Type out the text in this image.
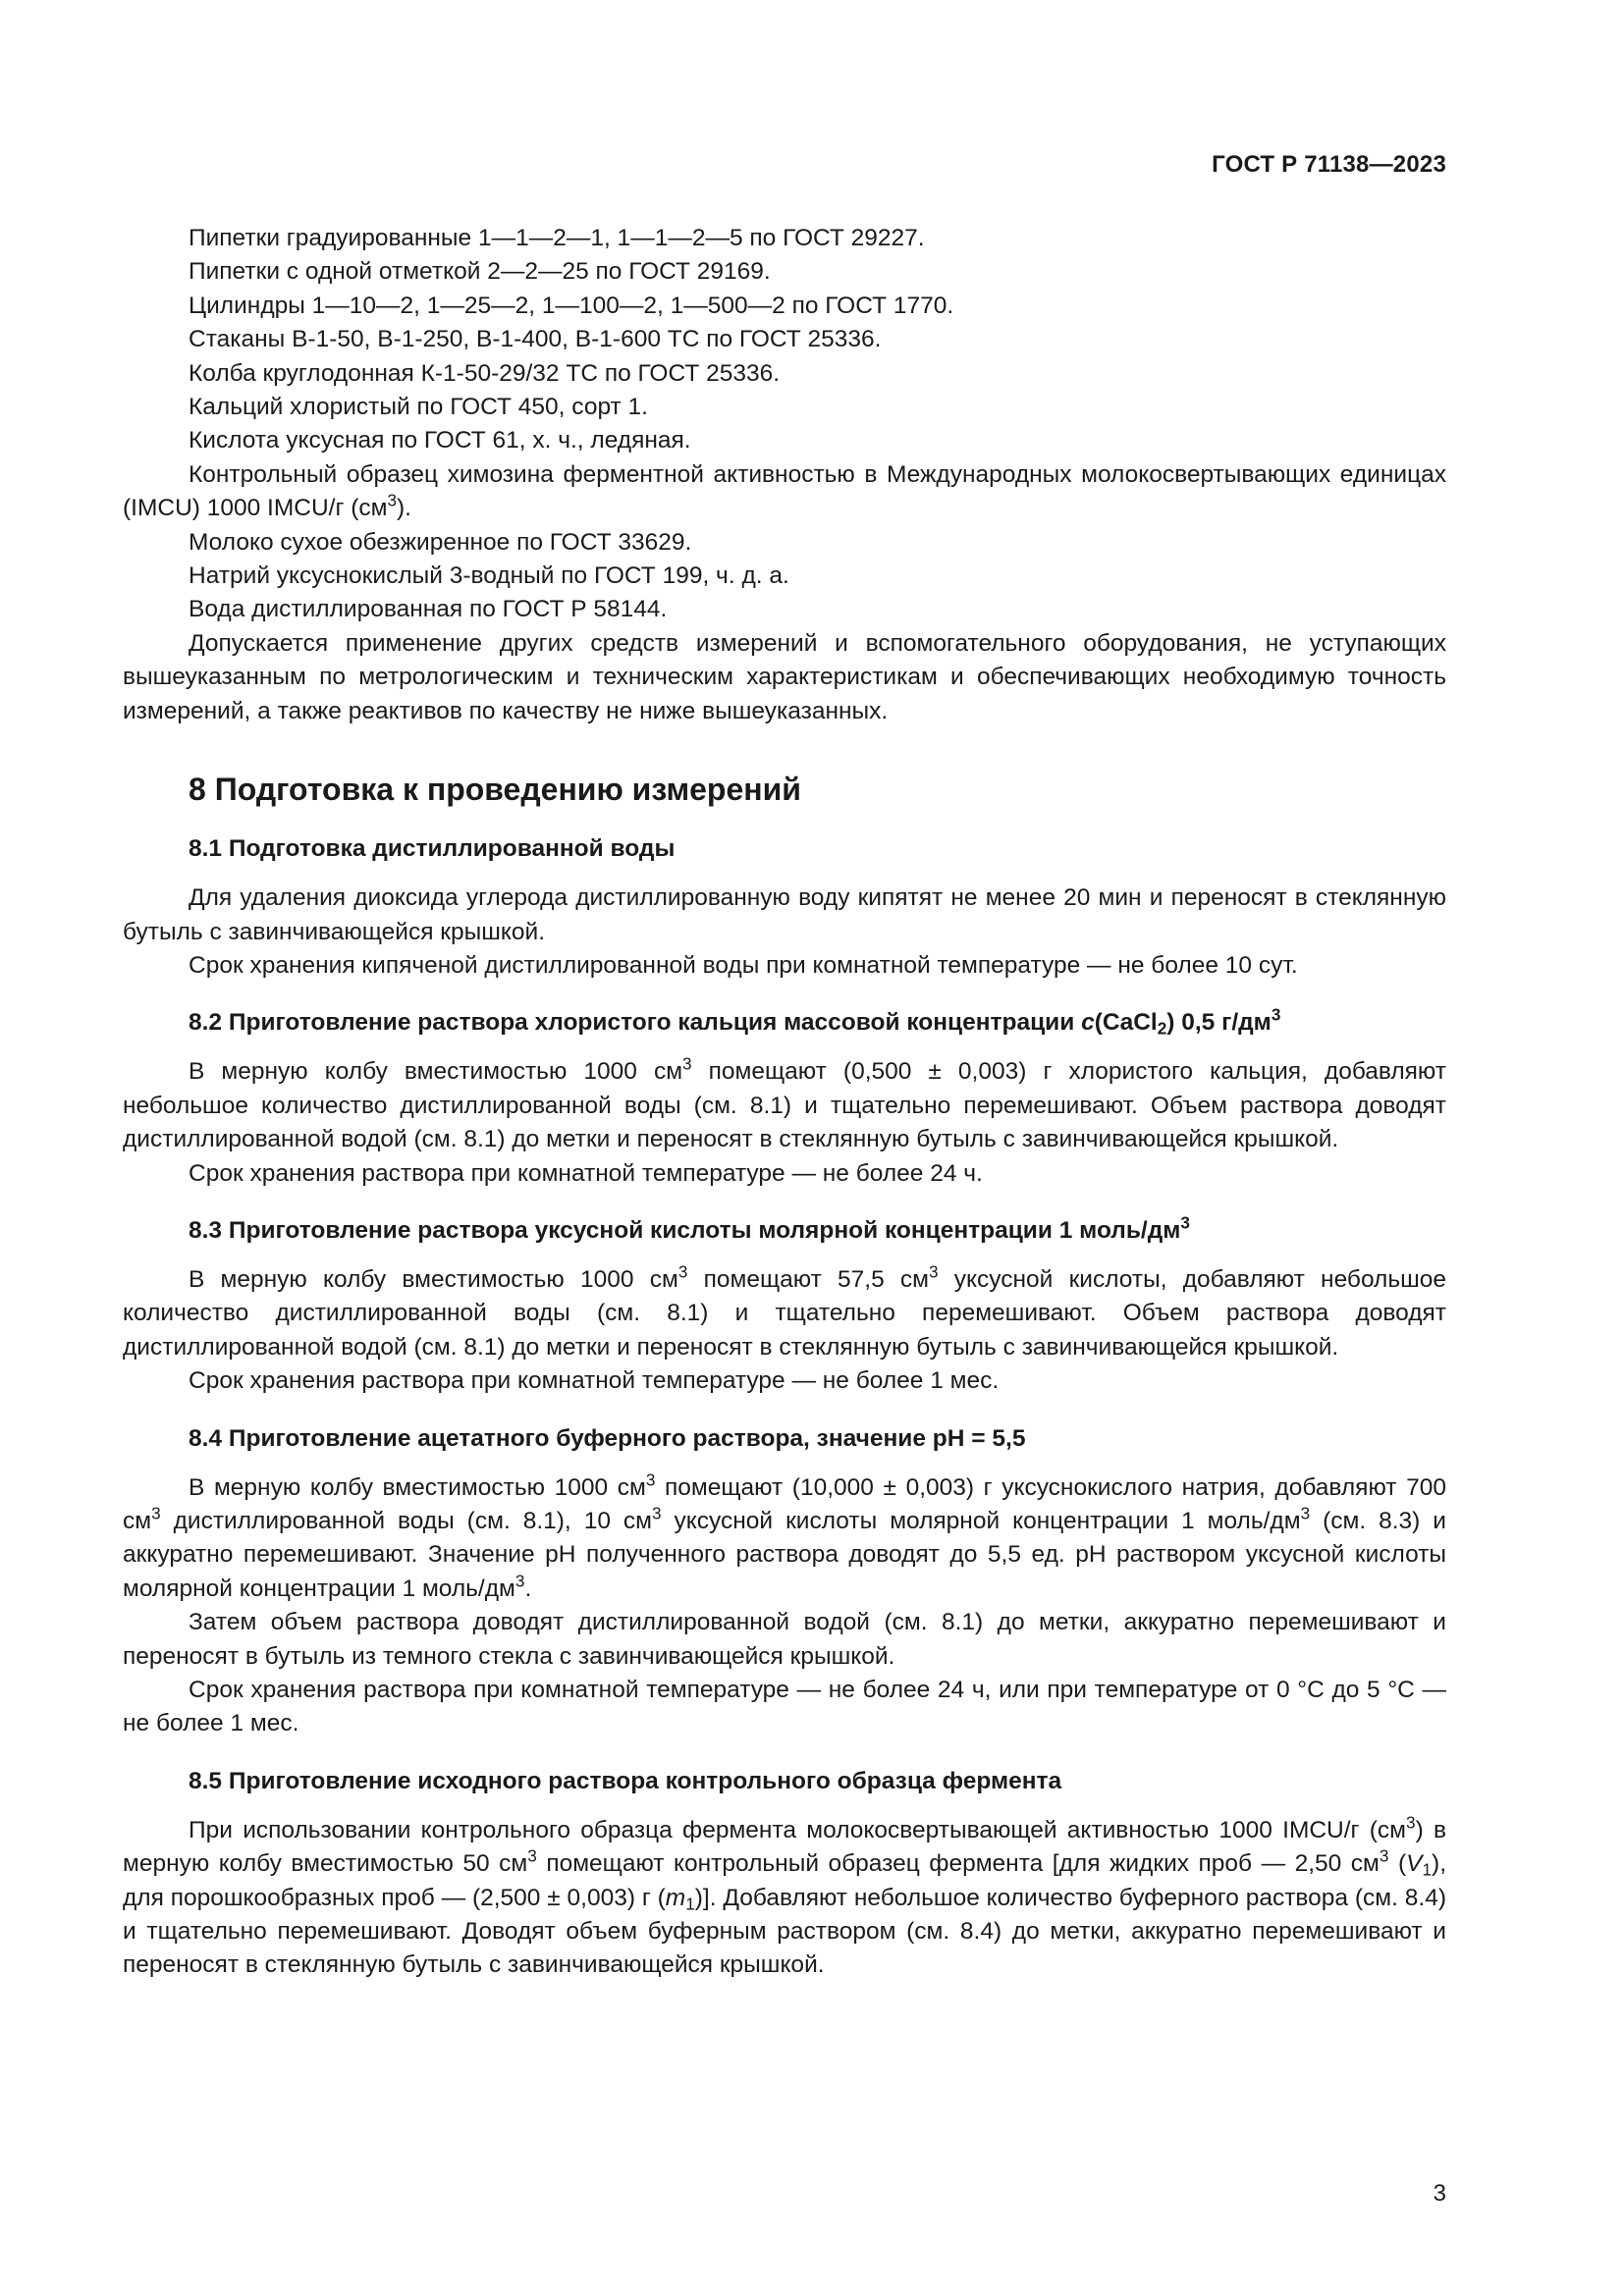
ГОСТ Р 71138—2023

Пипетки градуированные 1—1—2—1, 1—1—2—5 по ГОСТ 29227.

Пипетки с одной отметкой 2—2—25 по ГОСТ 29169.

Цилиндры 1—10—2, 1—25—2, 1—100—2, 1—500—2 по ГОСТ 1770.

Стаканы В-1-50, В-1-250, В-1-400, В-1-600 ТС по ГОСТ 25336.

Колба круглодонная К-1-50-29/32 ТС по ГОСТ 25336.

Кальций хлористый по ГОСТ 450, сорт 1.

Кислота уксусная по ГОСТ 61, х. ч., ледяная.

Контрольный образец химозина ферментной активностью в Международных молокосвертывающих единицах (IMCU) 1000 IMCU/г $(см^3)$.

Молоко сухое обезжиренное по ГОСТ 33629.

Натрий уксуснокислый 3-водный по ГОСТ 199, ч. д. а.

Вода дистиллированная по ГОСТ Р 58144.

Допускается применение других средств измерений и вспомогательного оборудования, не уступающих вышеуказанным по метрологическим и техническим характеристикам и обеспечивающих необходимую точность измерений, а также реактивов по качеству не ниже вышеуказанных.

8 Подготовка к проведению измерений
8.1 Подготовка дистиллированной воды

Для удаления диоксида углерода дистиллированную воду кипятят не менее 20 мин и переносят в стеклянную бутыль с завинчивающейся крышкой.

Срок хранения кипяченой дистиллированной воды при комнатной температуре — не более 10 сут.

8.2 Приготовление раствора хлористого кальция массовой концентрации c(CaCl$_2$) 0,5 $г/дм^3$

В мерную колбу вместимостью 1000 $см^3$ помещают (0,500 ± 0,003) г хлористого кальция, добавляют небольшое количество дистиллированной воды (см. 8.1) и тщательно перемешивают. Объем раствора доводят дистиллированной водой (см. 8.1) до метки и переносят в стеклянную бутыль с завинчивающейся крышкой.

Срок хранения раствора при комнатной температуре — не более 24 ч.

8.3 Приготовление раствора уксусной кислоты молярной концентрации 1 моль/$дм^3$

В мерную колбу вместимостью 1000 $см^3$ помещают 57,5 $см^3$ уксусной кислоты, добавляют небольшое количество дистиллированной воды (см. 8.1) и тщательно перемешивают. Объем раствора доводят дистиллированной водой (см. 8.1) до метки и переносят в стеклянную бутыль с завинчивающейся крышкой.

Срок хранения раствора при комнатной температуре — не более 1 мес.

8.4 Приготовление ацетатного буферного раствора, значение рН = 5,5

В мерную колбу вместимостью 1000 $см^3$ помещают (10,000 ± 0,003) г уксуснокислого натрия, добавляют 700 $см^3$ дистиллированной воды (см. 8.1), 10 $см^3$ уксусной кислоты молярной концентрации 1 моль/$дм^3$ (см. 8.3) и аккуратно перемешивают. Значение рН полученного раствора доводят до 5,5 ед. рН раствором уксусной кислоты молярной концентрации 1 моль/$дм^3$.

Затем объем раствора доводят дистиллированной водой (см. 8.1) до метки, аккуратно перемешивают и переносят в бутыль из темного стекла с завинчивающейся крышкой.

Срок хранения раствора при комнатной температуре — не более 24 ч, или при температуре от 0 °C до 5 °C — не более 1 мес.

8.5 Приготовление исходного раствора контрольного образца фермента

При использовании контрольного образца фермента молокосвертывающей активностью 1000 IMCU/г $(см^3)$ в мерную колбу вместимостью 50 $см^3$ помещают контрольный образец фермента [для жидких проб — 2,50 $см^3$ $(V_1)$, для порошкообразных проб — (2,500 ± 0,003) г $(m_1)$]. Добавляют небольшое количество буферного раствора (см. 8.4) и тщательно перемешивают. Доводят объем буферным раствором (см. 8.4) до метки, аккуратно перемешивают и переносят в стеклянную бутыль с завинчивающейся крышкой.

3
